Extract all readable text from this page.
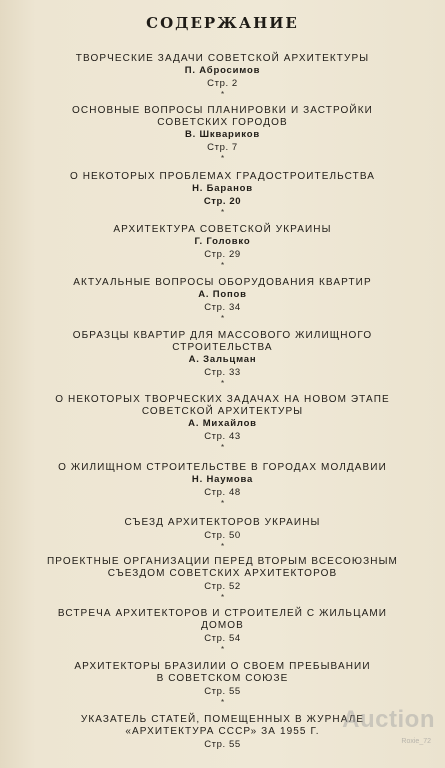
СОДЕРЖАНИЕ
ТВОРЧЕСКИЕ ЗАДАЧИ СОВЕТСКОЙ АРХИТЕКТУРЫ
П. Абросимов
Стр. 2
*
ОСНОВНЫЕ ВОПРОСЫ ПЛАНИРОВКИ И ЗАСТРОЙКИ
СОВЕТСКИХ ГОРОДОВ
В. Шквариков
Стр. 7
*
О НЕКОТОРЫХ ПРОБЛЕМАХ ГРАДОСТРОИТЕЛЬСТВА
Н. Баранов
Стр. 20
*
АРХИТЕКТУРА СОВЕТСКОЙ УКРАИНЫ
Г. Головко
Стр. 29
*
АКТУАЛЬНЫЕ ВОПРОСЫ ОБОРУДОВАНИЯ КВАРТИР
А. Попов
Стр. 34
*
ОБРАЗЦЫ КВАРТИР ДЛЯ МАССОВОГО ЖИЛИЩНОГО
СТРОИТЕЛЬСТВА
А. Зальцман
Стр. 33
*
О НЕКОТОРЫХ ТВОРЧЕСКИХ ЗАДАЧАХ НА НОВОМ ЭТАПЕ
СОВЕТСКОЙ АРХИТЕКТУРЫ
А. Михайлов
Стр. 43
*
О ЖИЛИЩНОМ СТРОИТЕЛЬСТВЕ В ГОРОДАХ МОЛДАВИИ
Н. Наумова
Стр. 48
*
СЪЕЗД АРХИТЕКТОРОВ УКРАИНЫ
Стр. 50
*
ПРОЕКТНЫЕ ОРГАНИЗАЦИИ ПЕРЕД ВТОРЫМ ВСЕСОЮЗНЫМ
СЪЕЗДОМ СОВЕТСКИХ АРХИТЕКТОРОВ
Стр. 52
*
ВСТРЕЧА АРХИТЕКТОРОВ И СТРОИТЕЛЕЙ С ЖИЛЬЦАМИ
ДОМОВ
Стр. 54
*
АРХИТЕКТОРЫ БРАЗИЛИИ О СВОЕМ ПРЕБЫВАНИИ
В СОВЕТСКОМ СОЮЗЕ
Стр. 55
*
УКАЗАТЕЛЬ СТАТЕЙ, ПОМЕЩЕННЫХ В ЖУРНАЛЕ
«АРХИТЕКТУРА СССР» ЗА 1955 Г.
Стр. 55
Auction
Roxie_72
